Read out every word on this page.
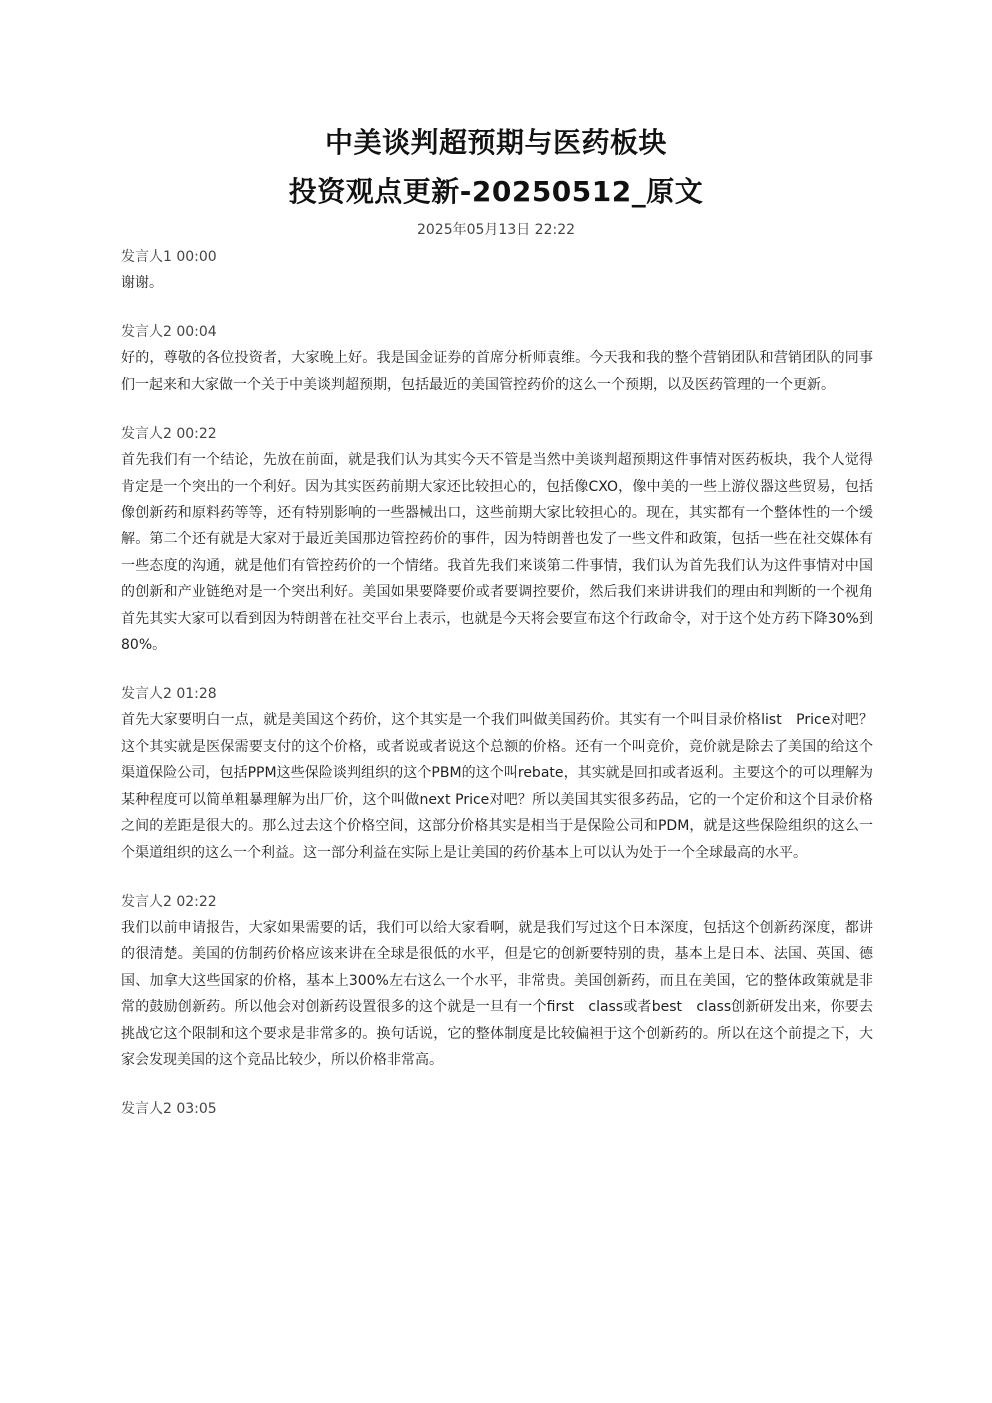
中美谈判超预期与医药板块
投资观点更新-20250512_原文
2025年05月13日 22:22

发言人1 00:00

谢谢。

发言人2 00:04

好的，尊敬的各位投资者，大家晚上好。我是国金证券的首席分析师袁维。今天我和我的整个营销团队和营销团队的同事们一起来和大家做一个关于中美谈判超预期，包括最近的美国管控药价的这么一个预期，以及医药管理的一个更新。

发言人2 00:22

首先我们有一个结论，先放在前面，就是我们认为其实今天不管是当然中美谈判超预期这件事情对医药板块，我个人觉得肯定是一个突出的一个利好。因为其实医药前期大家还比较担心的，包括像CXO，像中美的一些上游仪器这些贸易，包括像创新药和原料药等等，还有特别影响的一些器械出口，这些前期大家比较担心的。现在，其实都有一个整体性的一个缓解。第二个还有就是大家对于最近美国那边管控药价的事件，因为特朗普也发了一些文件和政策，包括一些在社交媒体有一些态度的沟通，就是他们有管控药价的一个情绪。我首先我们来谈第二件事情，我们认为首先我们认为这件事情对中国的创新和产业链绝对是一个突出利好。美国如果要降要价或者要调控要价，然后我们来讲讲我们的理由和判断的一个视角首先其实大家可以看到因为特朗普在社交平台上表示，也就是今天将会要宣布这个行政命令，对于这个处方药下降30%到80%。

发言人2 01:28

首先大家要明白一点，就是美国这个药价，这个其实是一个我们叫做美国药价。其实有一个叫目录价格list　Price对吧？这个其实就是医保需要支付的这个价格，或者说或者说这个总额的价格。还有一个叫竞价，竞价就是除去了美国的给这个渠道保险公司，包括PPM这些保险谈判组织的这个PBM的这个叫rebate，其实就是回扣或者返利。主要这个的可以理解为某种程度可以简单粗暴理解为出厂价，这个叫做next Price对吧？所以美国其实很多药品，它的一个定价和这个目录价格之间的差距是很大的。那么过去这个价格空间，这部分价格其实是相当于是保险公司和PDM，就是这些保险组织的这么一个渠道组织的这么一个利益。这一部分利益在实际上是让美国的药价基本上可以认为处于一个全球最高的水平。

发言人2 02:22

我们以前申请报告，大家如果需要的话，我们可以给大家看啊，就是我们写过这个日本深度，包括这个创新药深度，都讲的很清楚。美国的仿制药价格应该来讲在全球是很低的水平，但是它的创新要特别的贵，基本上是日本、法国、英国、德国、加拿大这些国家的价格，基本上300%左右这么一个水平，非常贵。美国创新药，而且在美国，它的整体政策就是非常的鼓励创新药。所以他会对创新药设置很多的这个就是一旦有一个first　class或者best　class创新研发出来，你要去挑战它这个限制和这个要求是非常多的。换句话说，它的整体制度是比较偏袒于这个创新药的。所以在这个前提之下，大家会发现美国的这个竞品比较少，所以价格非常高。

发言人2 03:05
